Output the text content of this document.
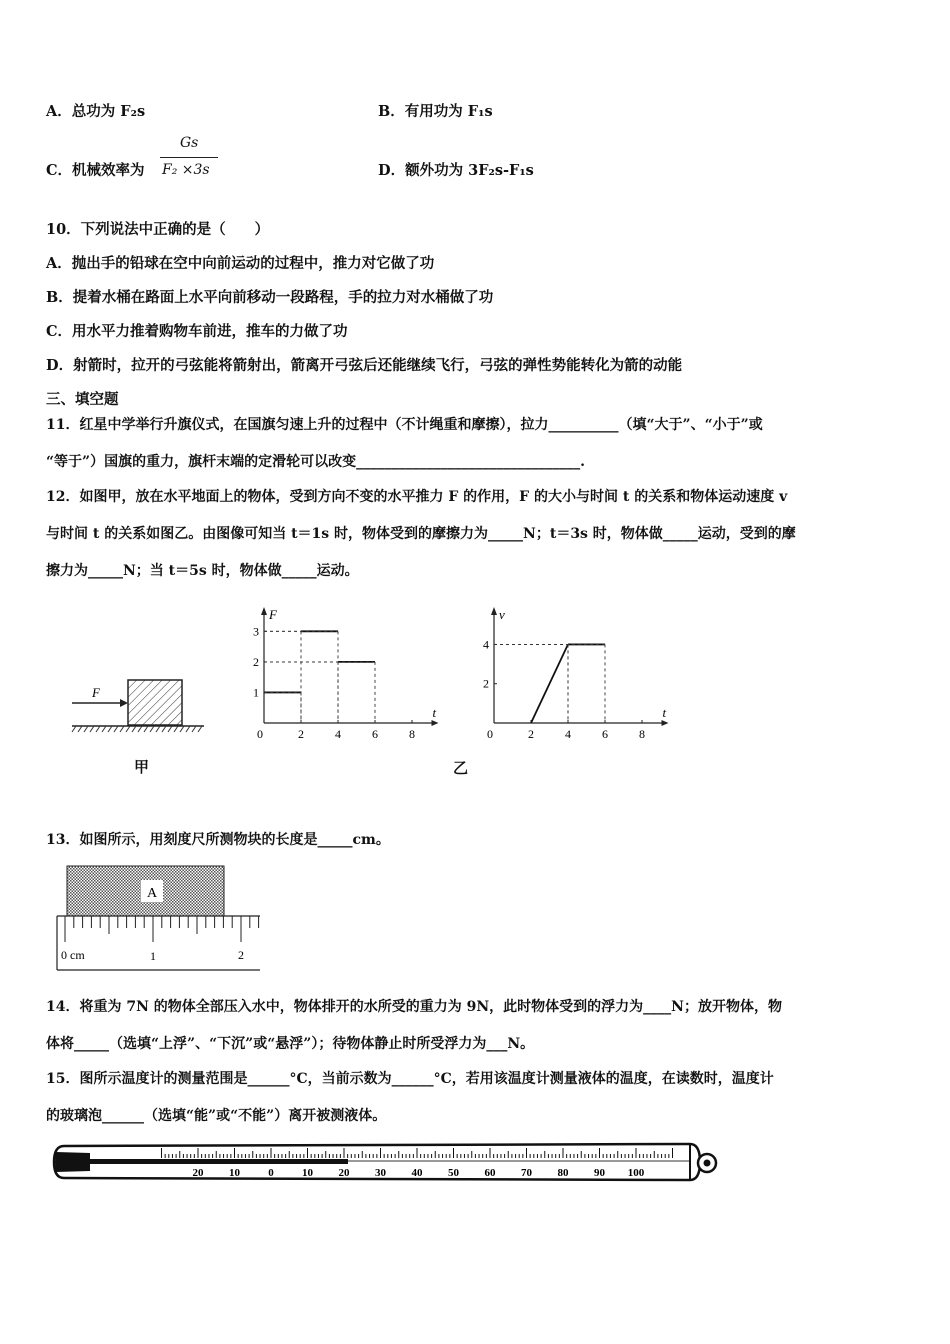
A．总功为 F₂s	B．有用功为 F₁s
C．机械效率为
Gs
F₂ ×3s	D．额外功为 3F₂s-F₁s
10．下列说法中正确的是（　　）
A．抛出手的铅球在空中向前运动的过程中，推力对它做了功
B．提着水桶在路面上水平向前移动一段路程，手的拉力对水桶做了功
C．用水平力推着购物车前进，推车的力做了功
D．射箭时，拉开的弓弦能将箭射出，箭离开弓弦后还能继续飞行，弓弦的弹性势能转化为箭的动能
三、填空题
11．红星中学举行升旗仪式，在国旗匀速上升的过程中（不计绳重和摩擦），拉力__________（填“大于”、“小于”或
“等于”）国旗的重力，旗杆末端的定滑轮可以改变________________________________.
12．如图甲，放在水平地面上的物体，受到方向不变的水平推力 F 的作用，F 的大小与时间 t 的关系和物体运动速度 v
与时间 t 的关系如图乙。由图像可知当 t＝1s 时，物体受到的摩擦力为_____N；t＝3s 时，物体做_____运动，受到的摩
擦力为_____N；当 t＝5s 时，物体做_____运动。
F
t
F
0	2	4	6	8
1
2
3
t
v
0	2	4	6	8
2
4
甲	乙
13．如图所示，用刻度尺所测物块的长度是_____cm。
A
0 cm	1	2
14．将重为 7N 的物体全部压入水中，物体排开的水所受的重力为 9N，此时物体受到的浮力为____N；放开物体，物
体将_____（选填“上浮”、“下沉”或“悬浮”）；待物体静止时所受浮力为___N。
15．图所示温度计的测量范围是______°C，当前示数为______°C，若用该温度计测量液体的温度，在读数时，温度计
的玻璃泡______（选填“能”或“不能”）离开被测液体。
20 10	0	10 20 30 40 50 60 70 80 90 100
